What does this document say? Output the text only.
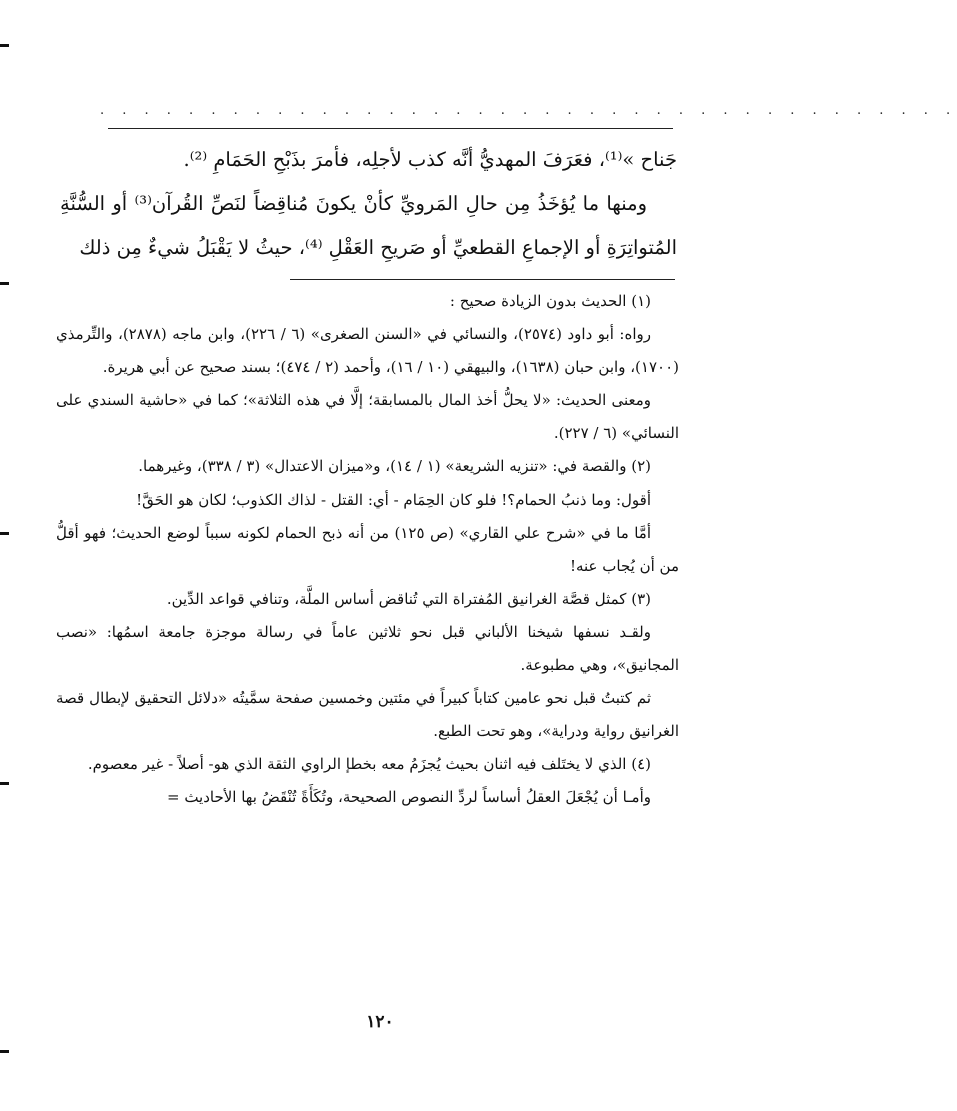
. . . . . . . . . . . . . . . . . . . . . . . . . . . . . . . . . . . . . . .

جَناح »⁽¹⁾، فعَرَفَ المهديُّ أنَّه كذب لأجلِه، فأمرَ بذَبْحِ الحَمَامِ ⁽²⁾.

ومنها ما يُؤخَذُ مِن حالِ المَرويِّ كأنْ يكونَ مُناقِضاً لنَصِّ القُرآن⁽³⁾ أو السُّنَّةِ المُتواتِرَةِ أو الإجماعِ القطعيِّ أو صَريحِ العَقْلِ ⁽⁴⁾، حيثُ لا يَقْبَلُ شيءٌ مِن ذلك

(١) الحديث بدون الزيادة صحيح :

رواه: أبو داود (٢٥٧٤)، والنسائي في «السنن الصغرى» (٦ / ٢٢٦)، وابن ماجه (٢٨٧٨)، والتِّرمذي (١٧٠٠)، وابن حبان (١٦٣٨)، والبيهقي (١٠ / ١٦)، وأحمد (٢ / ٤٧٤)؛ بسند صحيح عن أبي هريرة.

ومعنى الحديث: «لا يحلُّ أخذ المال بالمسابقة؛ إلَّا في هذه الثلاثة»؛ كما في «حاشية السندي على النسائي» (٦ / ٢٢٧).

(٢) والقصة في: «تنزيه الشريعة» (١ / ١٤)، و«ميزان الاعتدال» (٣ / ٣٣٨)، وغيرهما.

أقول: وما ذنبُ الحمام؟! فلو كان الحِمَام - أي: القتل - لذاك الكذوب؛ لكان هو الحَقَّ!

أمَّا ما في «شرح علي القاري» (ص ١٢٥) من أنه ذبح الحمام لكونه سبباً لوضع الحديث؛ فهو أقلُّ من أن يُجاب عنه!

(٣) كمثل قصَّة الغرانيق المُفتراة التي تُناقض أساس الملَّة، وتنافي قواعد الدِّين.

ولقـد نسفها شيخنا الألباني قبل نحو ثلاثين عاماً في رسالة موجزة جامعة اسمُها: «نصب المجانيق»، وهي مطبوعة.

ثم كتبتُ قبل نحو عامين كتاباً كبيراً في مئتين وخمسين صفحة سمَّيتُه «دلائل التحقيق لإبطال قصة الغرانيق رواية ودراية»، وهو تحت الطبع.

(٤) الذي لا يختَلف فيه اثنان بحيث يُجزَمُ معه بخطإ الراوي الثقة الذي هو- أصلاً - غير معصوم.

وأمـا أن يُجْعَلَ العقلُ أساساً لردِّ النصوص الصحيحة، وتُكَأَةً تُنْقَضُ بها الأحاديث =

١٢٠
